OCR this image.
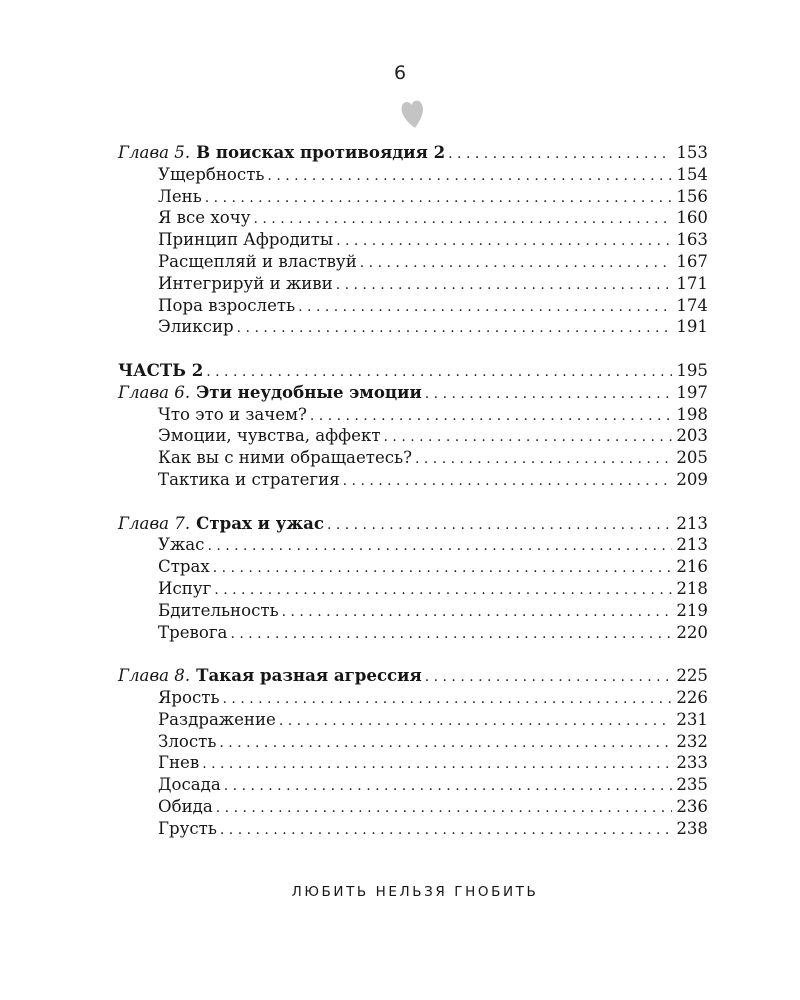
6
Глава 5. В поисках противоядия 2 . . .	153
Ущербность . . .	154
Лень . . .	156
Я все хочу . . .	160
Принцип Афродиты . . .	163
Расщепляй и властвуй . . .	167
Интегрируй и живи . . .	171
Пора взрослеть . . .	174
Эликсир . . .	191
ЧАСТЬ 2 . . .	195
Глава 6. Эти неудобные эмоции . . .	197
Что это и зачем? . . .	198
Эмоции, чувства, аффект . . .	203
Как вы с ними обращаетесь? . . .	205
Тактика и стратегия . . .	209
Глава 7. Страх и ужас . . .	213
Ужас . . .	213
Страх . . .	216
Испуг . . .	218
Бдительность . . .	219
Тревога . . .	220
Глава 8. Такая разная агрессия . . .	225
Ярость . . .	226
Раздражение . . .	231
Злость . . .	232
Гнев . . .	233
Досада . . .	235
Обида . . .	236
Грусть . . .	238
ЛЮБИТЬ НЕЛЬЗЯ ГНОБИТЬ
